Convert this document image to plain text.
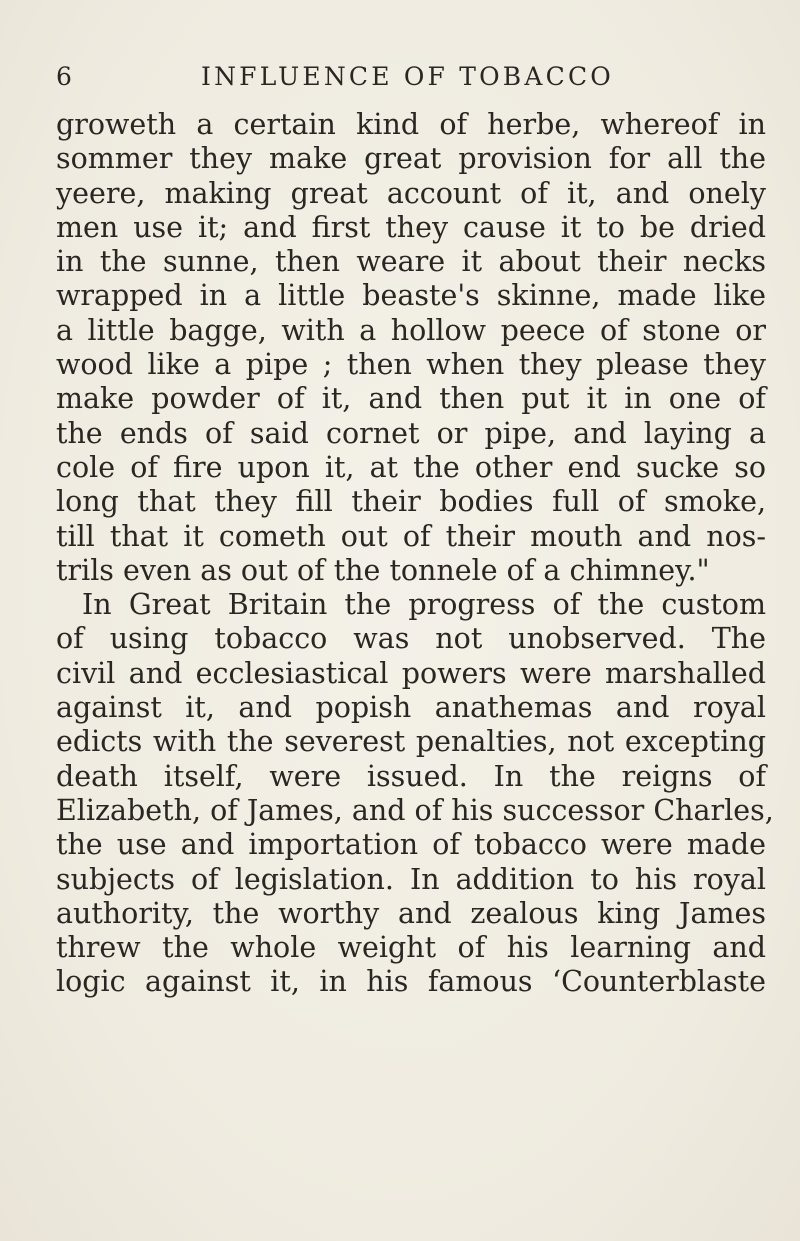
6	INFLUENCE OF TOBACCO
groweth a certain kind of herbe, whereof in
sommer they make great provision for all the
yeere, making great account of it, and onely
men use it; and first they cause it to be dried
in the sunne, then weare it about their necks
wrapped in a little beaste's skinne, made like
a little bagge, with a hollow peece of stone or
wood like a pipe ; then when they please they
make powder of it, and then put it in one of
the ends of said cornet or pipe, and laying a
cole of fire upon it, at the other end sucke so
long that they fill their bodies full of smoke,
till that it cometh out of their mouth and nos-
trils even as out of the tonnele of a chimney."
In Great Britain the progress of the custom
of using tobacco was not unobserved. The
civil and ecclesiastical powers were marshalled
against it, and popish anathemas and royal
edicts with the severest penalties, not excepting
death itself, were issued. In the reigns of
Elizabeth, of James, and of his successor Charles,
the use and importation of tobacco were made
subjects of legislation. In addition to his royal
authority, the worthy and zealous king James
threw the whole weight of his learning and
logic against it, in his famous ‘Counterblaste
